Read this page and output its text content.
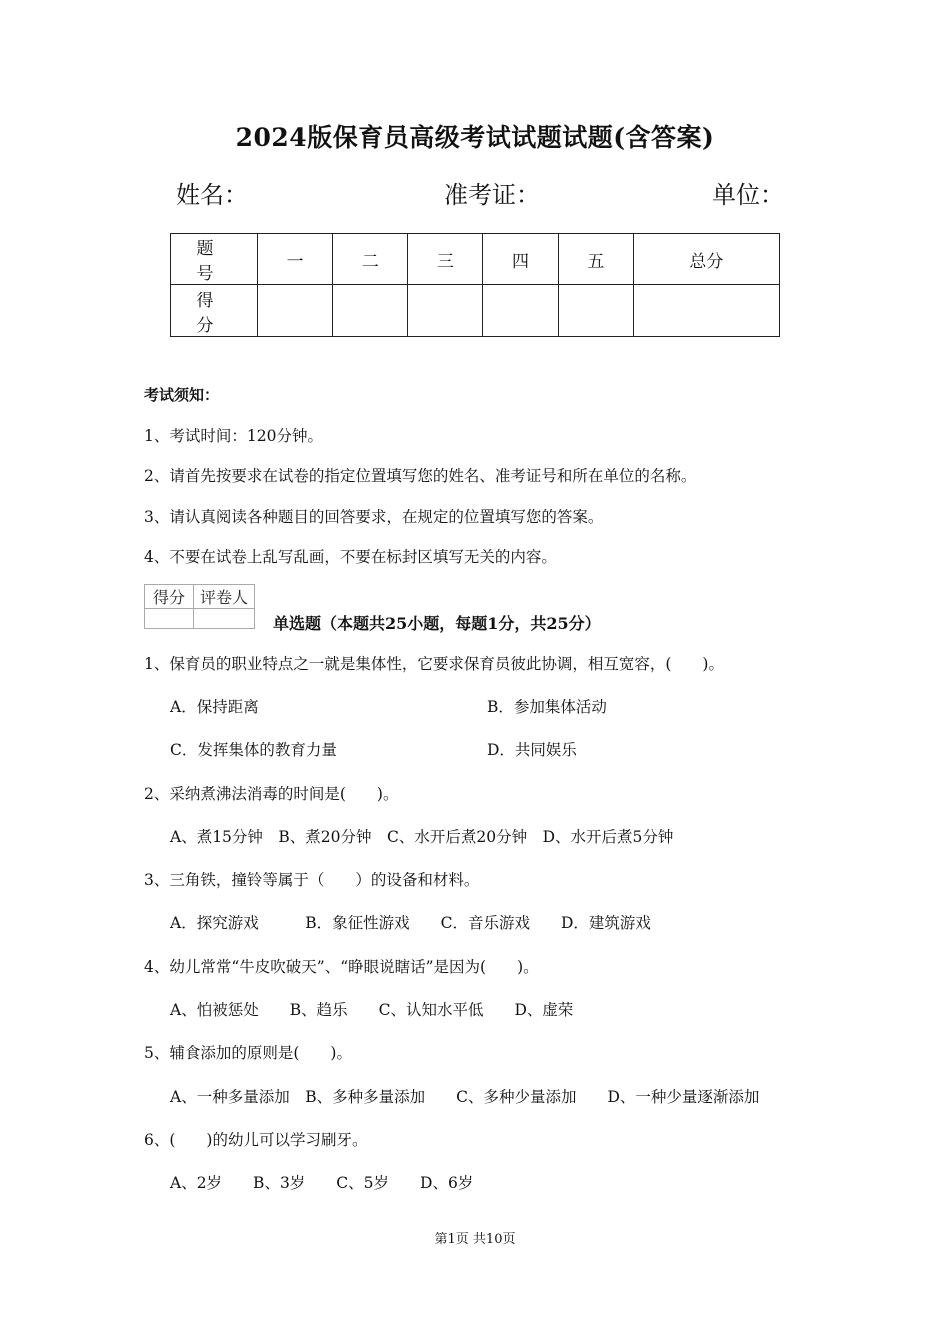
2024版保育员高级考试试题试题(含答案)
姓名：	准考证：	单位：
题　号	一	二	三	四	五	总分
得　分						
考试须知：
1、考试时间：120分钟。
2、请首先按要求在试卷的指定位置填写您的姓名、准考证号和所在单位的名称。
3、请认真阅读各种题目的回答要求，在规定的位置填写您的答案。
4、不要在试卷上乱写乱画，不要在标封区填写无关的内容。
得分	评卷人

单选题（本题共25小题，每题1分，共25分）
1、保育员的职业特点之一就是集体性，它要求保育员彼此协调，相互宽容，(　　)。
A．保持距离	B．参加集体活动
C．发挥集体的教育力量	D．共同娱乐
2、采纳煮沸法消毒的时间是(　　)。
A、煮15分钟　B、煮20分钟　C、水开后煮20分钟　D、水开后煮5分钟
3、三角铁，撞铃等属于（　　）的设备和材料。
A．探究游戏　　　B．象征性游戏　　C．音乐游戏　　D．建筑游戏
4、幼儿常常“牛皮吹破天”、“睁眼说瞎话”是因为(　　)。
A、怕被惩处　　B、趋乐　　C、认知水平低　　D、虚荣
5、辅食添加的原则是(　　)。
A、一种多量添加　B、多种多量添加　　C、多种少量添加　　D、一种少量逐渐添加
6、(　　)的幼儿可以学习刷牙。
A、2岁　　B、3岁　　C、5岁　　D、6岁
第1页 共10页
